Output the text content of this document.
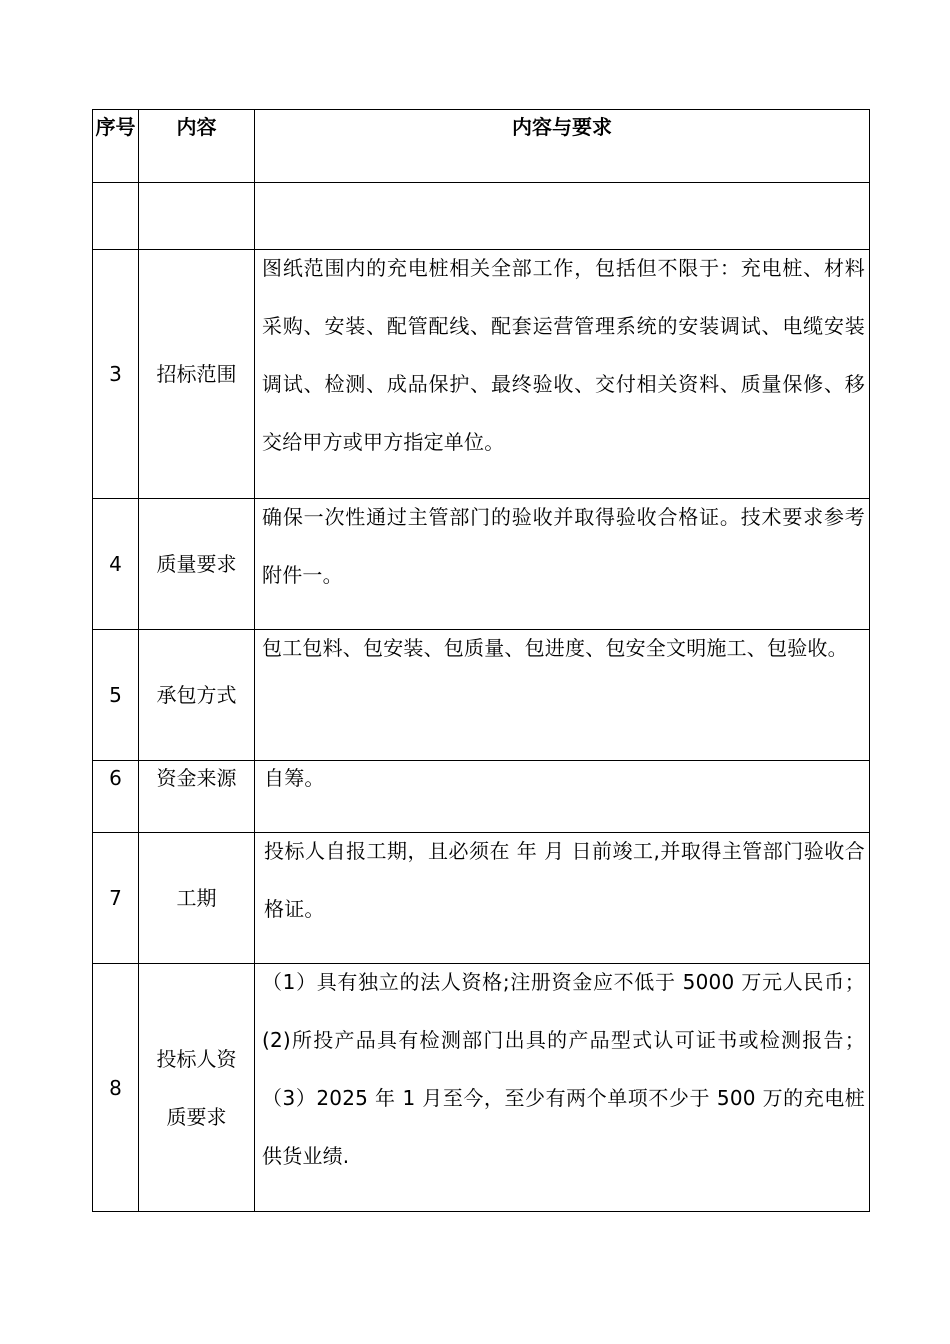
序号	内容	内容与要求

3	招标范围	图纸范围内的充电桩相关全部工作，包括但不限于：充电桩、材料采购、安装、配管配线、配套运营管理系统的安装调试、电缆安装调试、检测、成品保护、最终验收、交付相关资料、质量保修、移交给甲方或甲方指定单位。

4	质量要求	确保一次性通过主管部门的验收并取得验收合格证。技术要求参考附件一。

5	承包方式	包工包料、包安装、包质量、包进度、包安全文明施工、包验收。

6	资金来源	自筹。

7	工期	投标人自报工期，且必须在 年 月 日前竣工,并取得主管部门验收合格证。

8	投标人资质要求	（1）具有独立的法人资格;注册资金应不低于 5000 万元人民币；(2)所投产品具有检测部门出具的产品型式认可证书或检测报告；（3）2025 年 1 月至今，至少有两个单项不少于 500 万的充电桩供货业绩.
